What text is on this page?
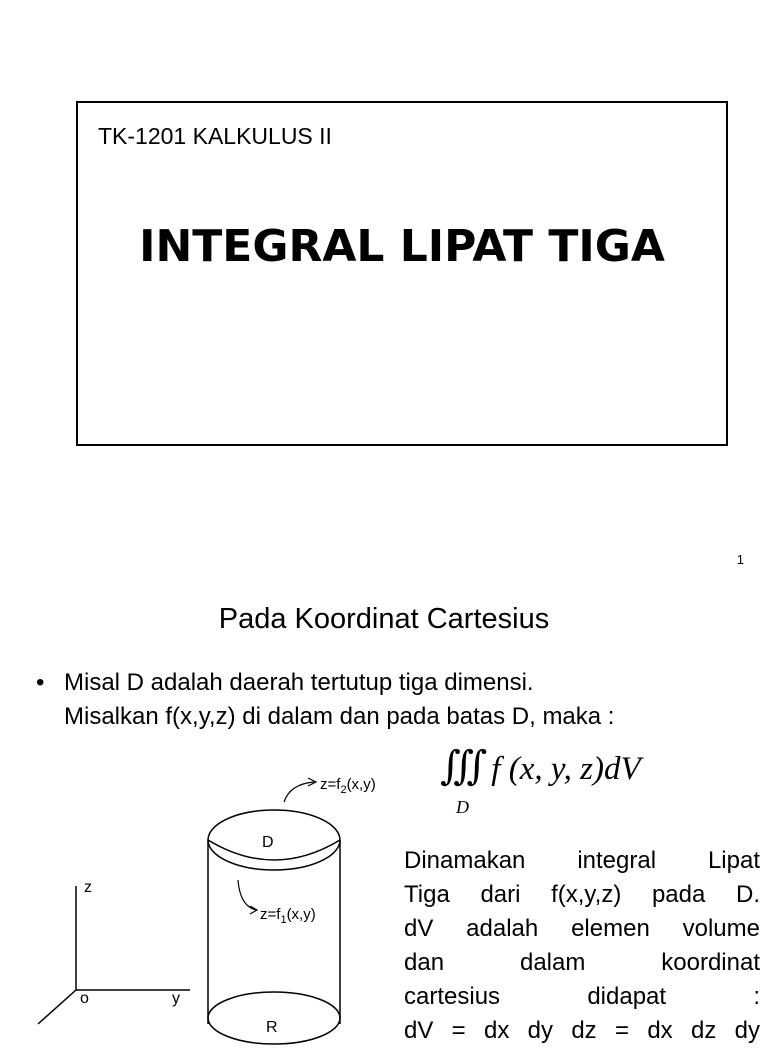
TK-1201 KALKULUS II
INTEGRAL LIPAT TIGA
1
Pada Koordinat Cartesius
• Misal D adalah daerah tertutup tiga dimensi.
Misalkan f(x,y,z) di dalam dan pada batas D, maka :
∭ f (x, y, z)dV
D
z
o	y
D
R
$z=f_2(x,y)$
$z=f_1(x,y)$
Dinamakan integral Lipat
Tiga dari f(x,y,z) pada D.
dV adalah elemen volume
dan dalam koordinat
cartesius didapat :
dV = dx dy dz = dx dz dy
